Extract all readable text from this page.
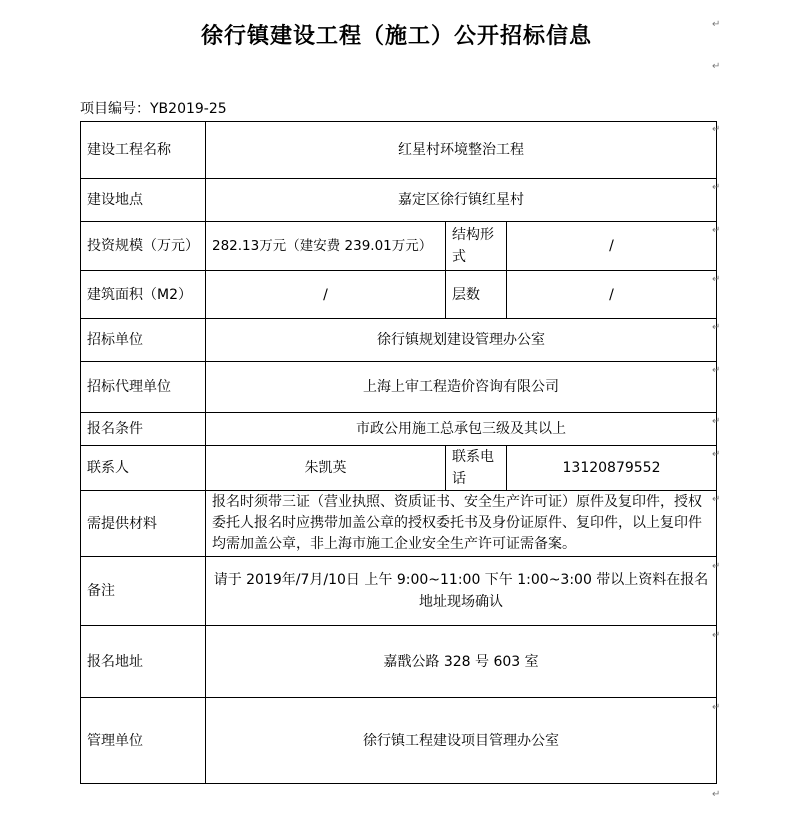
徐行镇建设工程（施工）公开招标信息	↵
↵
项目编号：YB2019-25
建设工程名称	红星村环境整治工程		
建设地点	嘉定区徐行镇红星村		
投资规模（万元）	282.13万元（建安费 239.01万元）	结构形式	/
建筑面积（M2）	/	层数	/
招标单位	徐行镇规划建设管理办公室		
招标代理单位	上海上审工程造价咨询有限公司		
报名条件	市政公用施工总承包三级及其以上		
联系人	朱凯英	联系电话	13120879552
需提供材料	报名时须带三证（营业执照、资质证书、安全生产许可证）原件及复印件，授权委托人报名时应携带加盖公章的授权委托书及身份证原件、复印件，以上复印件均需加盖公章，非上海市施工企业安全生产许可证需备案。		
备注	请于 2019年/7月/10日 上午 9:00~11:00 下午 1:00~3:00 带以上资料在报名地址现场确认		
报名地址	嘉戬公路 328 号 603 室		
管理单位	徐行镇工程建设项目管理办公室		
↵
↵
↵
↵
↵
↵
↵
↵
↵
↵
↵
↵
↵
